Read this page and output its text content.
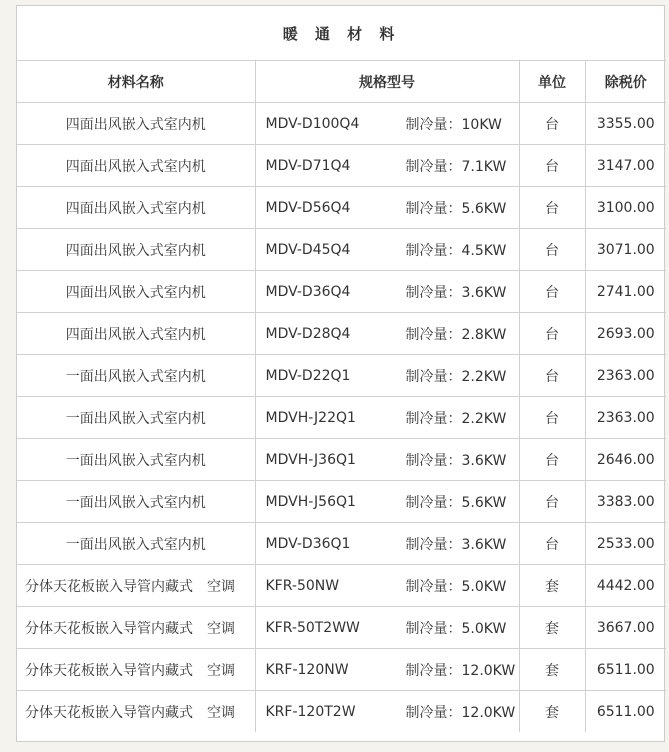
暖 通 材 料			
材料名称	规格型号	单位	除税价
四面出风嵌入式室内机	MDV-D100Q4 制冷量：10KW	台	3355.00
四面出风嵌入式室内机	MDV-D71Q4 制冷量：7.1KW	台	3147.00
四面出风嵌入式室内机	MDV-D56Q4 制冷量：5.6KW	台	3100.00
四面出风嵌入式室内机	MDV-D45Q4 制冷量：4.5KW	台	3071.00
四面出风嵌入式室内机	MDV-D36Q4 制冷量：3.6KW	台	2741.00
四面出风嵌入式室内机	MDV-D28Q4 制冷量：2.8KW	台	2693.00
一面出风嵌入式室内机	MDV-D22Q1 制冷量：2.2KW	台	2363.00
一面出风嵌入式室内机	MDVH-J22Q1 制冷量：2.2KW	台	2363.00
一面出风嵌入式室内机	MDVH-J36Q1 制冷量：3.6KW	台	2646.00
一面出风嵌入式室内机	MDVH-J56Q1 制冷量：5.6KW	台	3383.00
一面出风嵌入式室内机	MDV-D36Q1 制冷量：3.6KW	台	2533.00
分体天花板嵌入导管内藏式　空调	KFR-50NW 制冷量：5.0KW	套	4442.00
分体天花板嵌入导管内藏式　空调	KFR-50T2WW 制冷量：5.0KW	套	3667.00
分体天花板嵌入导管内藏式　空调	KRF-120NW 制冷量：12.0KW	套	6511.00
分体天花板嵌入导管内藏式　空调	KRF-120T2W 制冷量：12.0KW	套	6511.00
